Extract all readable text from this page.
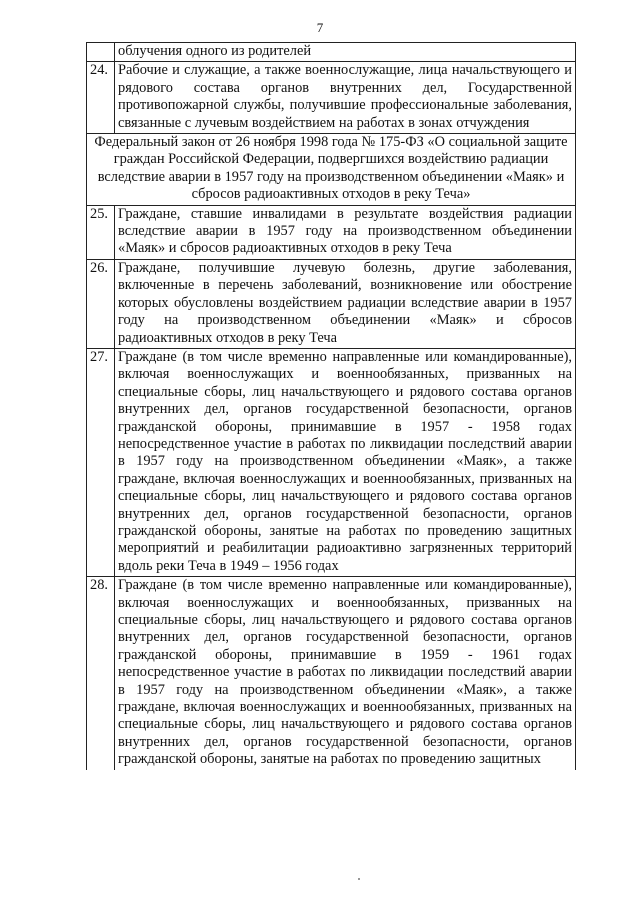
7
	облучения одного из родителей
24.	Рабочие и служащие, а также военнослужащие, лица начальствующего и рядового состава органов внутренних дел, Государственной противопожарной службы, получившие профессиональные заболевания, связанные с лучевым воздействием на работах в зонах отчуждения
Федеральный закон от 26 ноября 1998 года № 175-ФЗ «О социальной защите граждан Российской Федерации, подвергшихся воздействию радиации вследствие аварии в 1957 году на производственном объединении «Маяк» и сбросов радиоактивных отходов в реку Теча»	
25.	Граждане, ставшие инвалидами в результате воздействия радиации вследствие аварии в 1957 году на производственном объединении «Маяк» и сбросов радиоактивных отходов в реку Теча
26.	Граждане, получившие лучевую болезнь, другие заболевания, включенные в перечень заболеваний, возникновение или обострение которых обусловлены воздействием радиации вследствие аварии в 1957 году на производственном объединении «Маяк» и сбросов радиоактивных отходов в реку Теча
27.	Граждане (в том числе временно направленные или командированные), включая военнослужащих и военнообязанных, призванных на специальные сборы, лиц начальствующего и рядового состава органов внутренних дел, органов государственной безопасности, органов гражданской обороны, принимавшие в 1957 - 1958 годах непосредственное участие в работах по ликвидации последствий аварии в 1957 году на производственном объединении «Маяк», а также граждане, включая военнослужащих и военнообязанных, призванных на специальные сборы, лиц начальствующего и рядового состава органов внутренних дел, органов государственной безопасности, органов гражданской обороны, занятые на работах по проведению защитных мероприятий и реабилитации радиоактивно загрязненных территорий вдоль реки Теча в 1949 – 1956 годах
28.	Граждане (в том числе временно направленные или командированные), включая военнослужащих и военнообязанных, призванных на специальные сборы, лиц начальствующего и рядового состава органов внутренних дел, органов государственной безопасности, органов гражданской обороны, принимавшие в 1959 - 1961 годах непосредственное участие в работах по ликвидации последствий аварии в 1957 году на производственном объединении «Маяк», а также граждане, включая военнослужащих и военнообязанных, призванных на специальные сборы, лиц начальствующего и рядового состава органов внутренних дел, органов государственной безопасности, органов гражданской обороны, занятые на работах по проведению защитных
